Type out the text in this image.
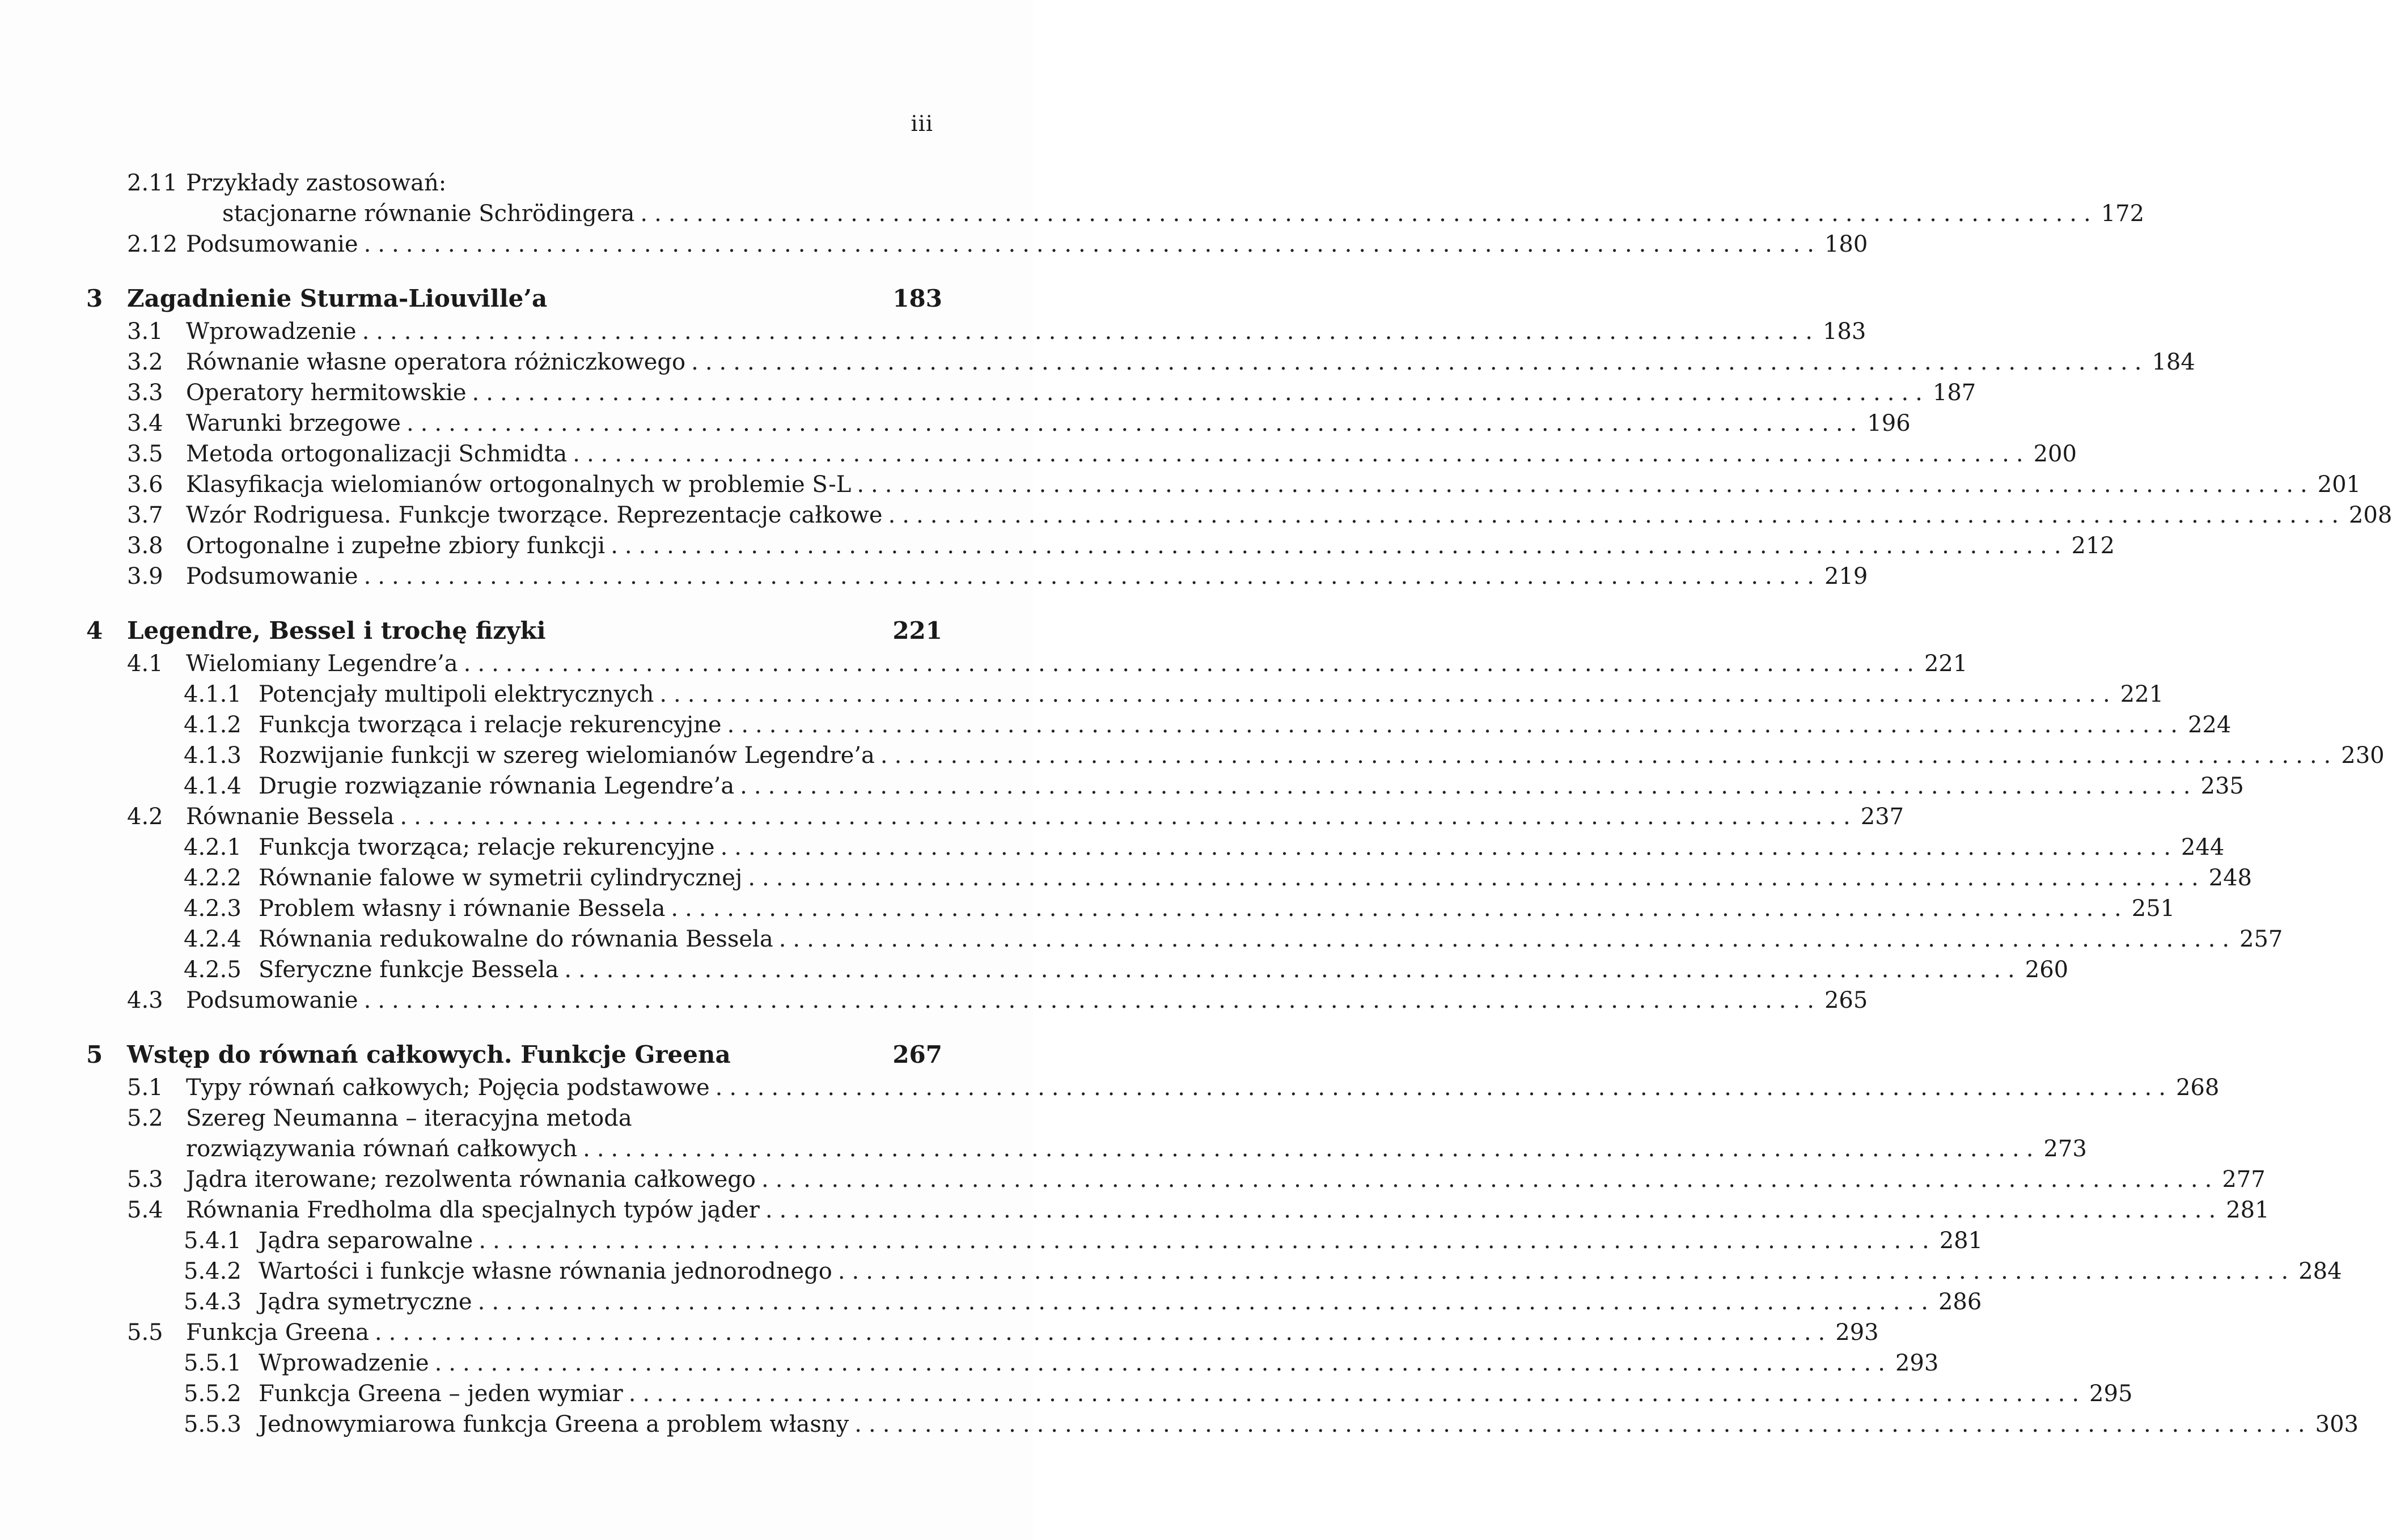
iii
2.11 Przykłady zastosowań:
stacjonarne równanie Schrödingera ........................................................................................................ 172
2.12 Podsumowanie ........................................................................................................ 180
3	Zagadnienie Sturma-Liouville’a	183
3.1	Wprowadzenie ........................................................................................................ 183
3.2	Równanie własne operatora różniczkowego ........................................................................................................ 184
3.3	Operatory hermitowskie ........................................................................................................ 187
3.4	Warunki brzegowe ........................................................................................................ 196
3.5	Metoda ortogonalizacji Schmidta ........................................................................................................ 200
3.6	Klasyfikacja wielomianów ortogonalnych w problemie S-L ........................................................................................................ 201
3.7	Wzór Rodriguesa. Funkcje tworzące. Reprezentacje całkowe ........................................................................................................ 208
3.8	Ortogonalne i zupełne zbiory funkcji ........................................................................................................ 212
3.9	Podsumowanie ........................................................................................................ 219
4	Legendre, Bessel i trochę fizyki	221
4.1	Wielomiany Legendre’a ........................................................................................................ 221
4.1.1 Potencjały multipoli elektrycznych ........................................................................................................ 221
4.1.2 Funkcja tworząca i relacje rekurencyjne ........................................................................................................ 224
4.1.3 Rozwijanie funkcji w szereg wielomianów Legendre’a ........................................................................................................ 230
4.1.4 Drugie rozwiązanie równania Legendre’a ........................................................................................................ 235
4.2	Równanie Bessela ........................................................................................................ 237
4.2.1 Funkcja tworząca; relacje rekurencyjne ........................................................................................................ 244
4.2.2 Równanie falowe w symetrii cylindrycznej ........................................................................................................ 248
4.2.3 Problem własny i równanie Bessela ........................................................................................................ 251
4.2.4 Równania redukowalne do równania Bessela ........................................................................................................ 257
4.2.5 Sferyczne funkcje Bessela ........................................................................................................ 260
4.3	Podsumowanie ........................................................................................................ 265
5	Wstęp do równań całkowych. Funkcje Greena	267
5.1	Typy równań całkowych; Pojęcia podstawowe ........................................................................................................ 268
5.2	Szereg Neumanna – iteracyjna metoda
rozwiązywania równań całkowych ........................................................................................................ 273
5.3	Jądra iterowane; rezolwenta równania całkowego ........................................................................................................ 277
5.4	Równania Fredholma dla specjalnych typów jąder ........................................................................................................ 281
5.4.1 Jądra separowalne ........................................................................................................ 281
5.4.2 Wartości i funkcje własne równania jednorodnego ........................................................................................................ 284
5.4.3 Jądra symetryczne ........................................................................................................ 286
5.5	Funkcja Greena ........................................................................................................ 293
5.5.1 Wprowadzenie ........................................................................................................ 293
5.5.2 Funkcja Greena – jeden wymiar ........................................................................................................ 295
5.5.3 Jednowymiarowa funkcja Greena a problem własny ........................................................................................................ 303
